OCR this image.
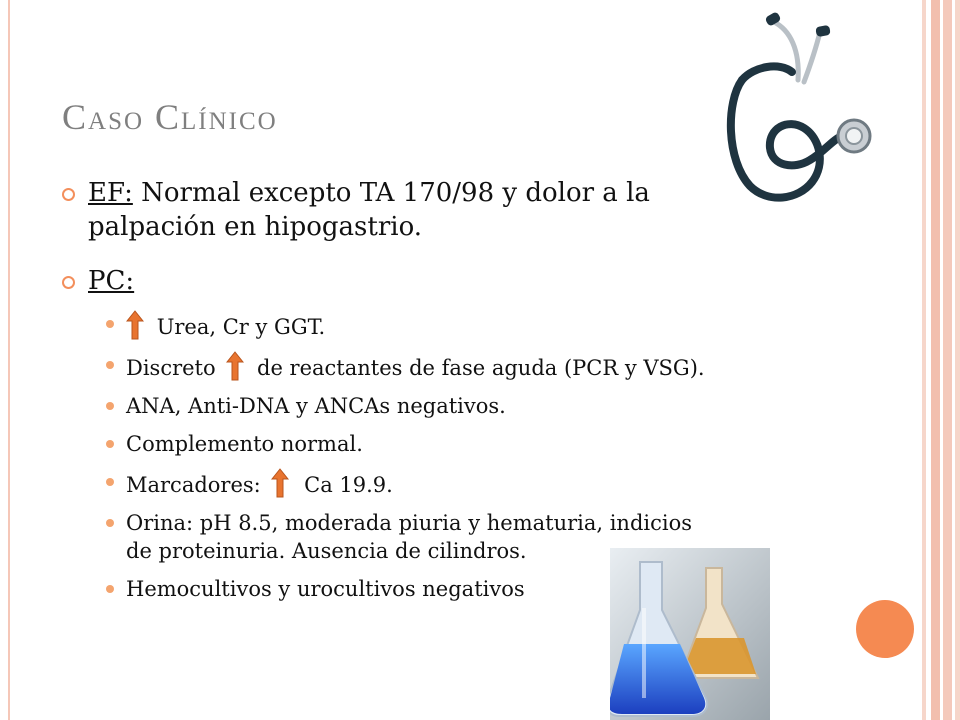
Caso Clínico
EF: Normal excepto TA 170/98 y dolor a la
palpación en hipogastrio.
PC:
Urea, Cr y GGT.
Discreto de reactantes de fase aguda (PCR y VSG).
ANA, Anti-DNA y ANCAs negativos.
Complemento normal.
Marcadores: Ca 19.9.
Orina: pH 8.5, moderada piuria y hematuria, indicios
de proteinuria. Ausencia de cilindros.
Hemocultivos y urocultivos negativos
